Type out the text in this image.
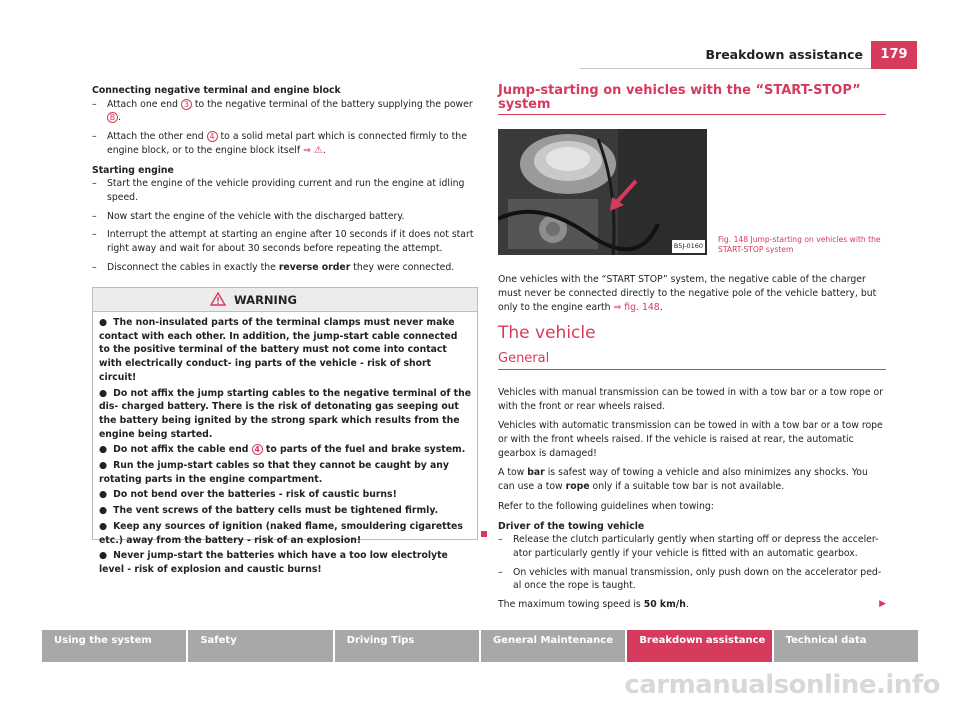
Breakdown assistance	179
Connecting negative terminal and engine block
– Attach one end 3 to the negative terminal of the battery supplying the power B .
– Attach the other end 4 to a solid metal part which is connected firmly to the engine block, or to the engine block itself ⇒ ⚠.
Starting engine
– Start the engine of the vehicle providing current and run the engine at idling speed.
– Now start the engine of the vehicle with the discharged battery.
– Interrupt the attempt at starting an engine after 10 seconds if it does not start right away and wait for about 30 seconds before repeating the attempt.
– Disconnect the cables in exactly the reverse order they were connected.
WARNING

● The non-insulated parts of the terminal clamps must never make contact with each other. In addition, the jump-start cable connected to the positive terminal of the battery must not come into contact with electrically conduct- ing parts of the vehicle - risk of short circuit!

● Do not affix the jump starting cables to the negative terminal of the dis- charged battery. There is the risk of detonating gas seeping out the battery being ignited by the strong spark which results from the engine being started.

● Do not affix the cable end 4 to parts of the fuel and brake system.

● Run the jump-start cables so that they cannot be caught by any rotating parts in the engine compartment.

● Do not bend over the batteries - risk of caustic burns!

● The vent screws of the battery cells must be tightened firmly.

● Keep any sources of ignition (naked flame, smouldering cigarettes etc.) away from the battery - risk of an explosion!

● Never jump-start the batteries which have a too low electrolyte level - risk of explosion and caustic burns!

Jump-starting on vehicles with the “START-STOP” system
B5J-0160
Fig. 148 Jump-starting on vehicles with the START-STOP system
One vehicles with the “START STOP” system, the negative cable of the charger must never be connected directly to the negative pole of the vehicle battery, but only to the engine earth ⇒ fig. 148.
The vehicle
General
Vehicles with manual transmission can be towed in with a tow bar or a tow rope or with the front or rear wheels raised.
Vehicles with automatic transmission can be towed in with a tow bar or a tow rope or with the front wheels raised. If the vehicle is raised at rear, the automatic gearbox is damaged!
A tow bar is safest way of towing a vehicle and also minimizes any shocks. You can use a tow rope only if a suitable tow bar is not available.
Refer to the following guidelines when towing:
Driver of the towing vehicle
– Release the clutch particularly gently when starting off or depress the acceler- ator particularly gently if your vehicle is fitted with an automatic gearbox.
– On vehicles with manual transmission, only push down on the accelerator ped- al once the rope is taught.
The maximum towing speed is 50 km/h.	▶
Using the system	Safety	Driving Tips	General Maintenance	Breakdown assistance	Technical data
carmanualsonline.info
